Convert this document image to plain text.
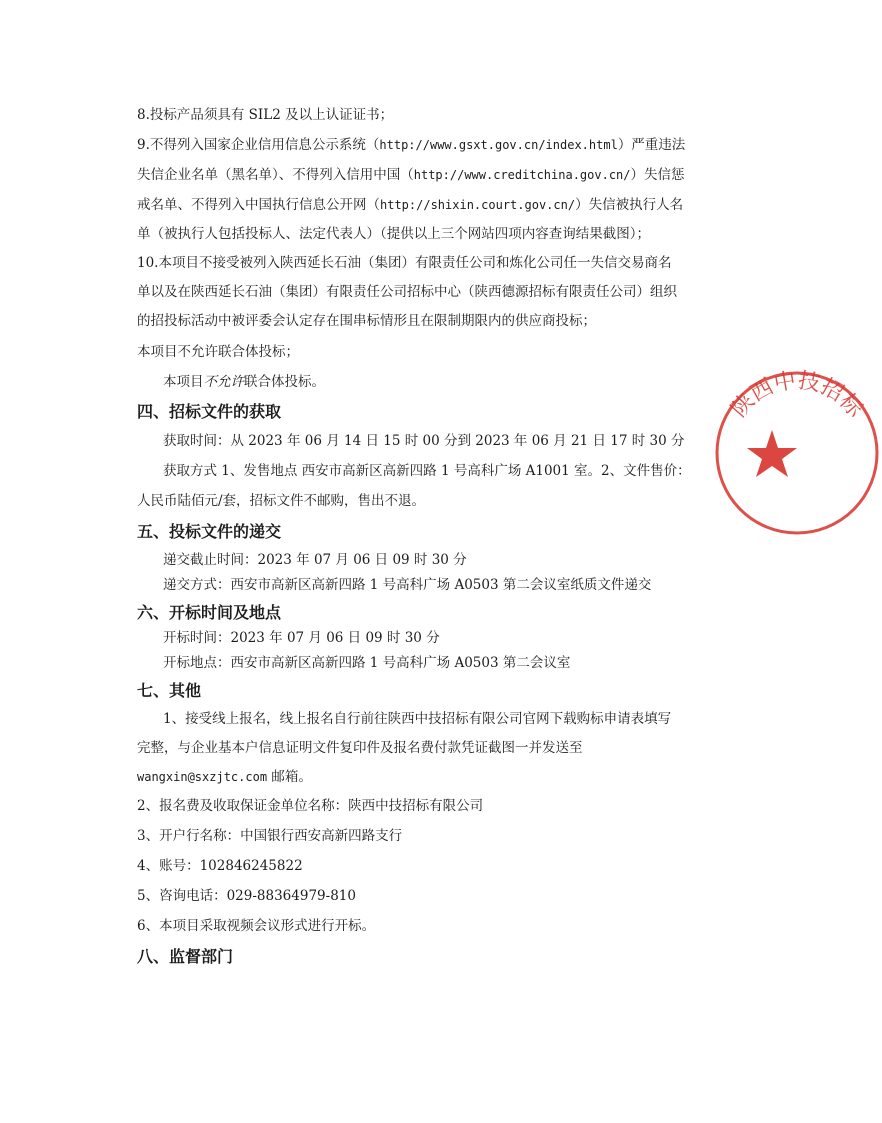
8.投标产品须具有 SIL2 及以上认证证书；
9.不得列入国家企业信用信息公示系统（http://www.gsxt.gov.cn/index.html）严重违法
失信企业名单（黑名单）、不得列入信用中国（http://www.creditchina.gov.cn/）失信惩
戒名单、不得列入中国执行信息公开网（http://shixin.court.gov.cn/）失信被执行人名
单（被执行人包括投标人、法定代表人）（提供以上三个网站四项内容查询结果截图）；
10.本项目不接受被列入陕西延长石油（集团）有限责任公司和炼化公司任一失信交易商名
单以及在陕西延长石油（集团）有限责任公司招标中心（陕西德源招标有限责任公司）组织
的招投标活动中被评委会认定存在围串标情形且在限制期限内的供应商投标；
本项目不允许联合体投标；
本项目不允许联合体投标。
四、招标文件的获取
获取时间：从 2023 年 06 月 14 日 15 时 00 分到 2023 年 06 月 21 日 17 时 30 分
获取方式 1、发售地点 西安市高新区高新四路 1 号高科广场 A1001 室。2、文件售价：
人民币陆佰元/套，招标文件不邮购，售出不退。
五、投标文件的递交
递交截止时间：2023 年 07 月 06 日 09 时 30 分
递交方式：西安市高新区高新四路 1 号高科广场 A0503 第二会议室纸质文件递交
六、开标时间及地点
开标时间：2023 年 07 月 06 日 09 时 30 分
开标地点：西安市高新区高新四路 1 号高科广场 A0503 第二会议室
七、其他
1、接受线上报名，线上报名自行前往陕西中技招标有限公司官网下载购标申请表填写
完整，与企业基本户信息证明文件复印件及报名费付款凭证截图一并发送至
wangxin@sxzjtc.com 邮箱。
2、报名费及收取保证金单位名称：陕西中技招标有限公司
3、开户行名称：中国银行西安高新四路支行
4、账号：102846245822
5、咨询电话：029-88364979-810
6、本项目采取视频会议形式进行开标。
八、监督部门
陕西中技招标
